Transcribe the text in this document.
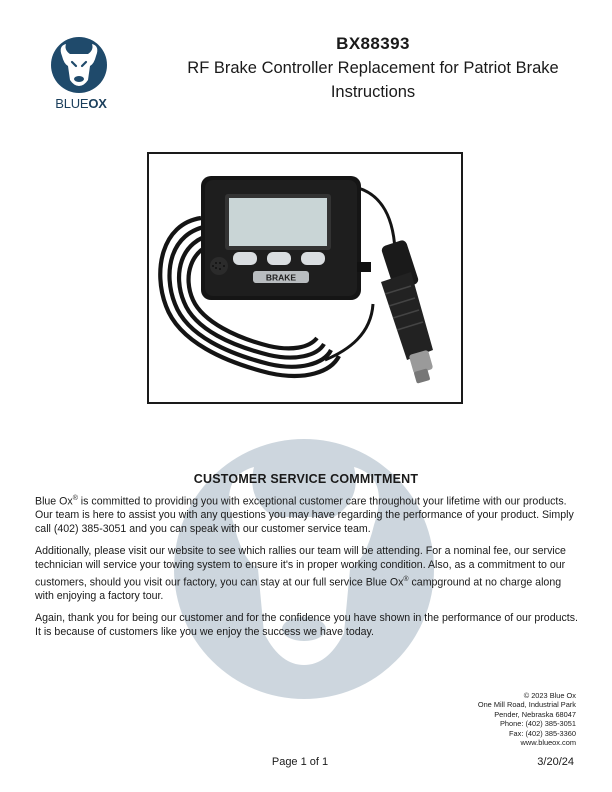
BLUEOX
BX88393
RF Brake Controller Replacement for Patriot Brake
Instructions
BRAKE
CUSTOMER SERVICE COMMITMENT

Blue Ox® is committed to providing you with exceptional customer care throughout your lifetime with our products. Our team is here to assist you with any questions you may have regarding the performance of your product. Simply call (402) 385-3051 and you can speak with our customer service team.

Additionally, please visit our website to see which rallies our team will be attending. For a nominal fee, our service technician will service your towing system to ensure it's in proper working condition. Also, as a commitment to our customers, should you visit our factory, you can stay at our full service Blue Ox® campground at no charge along with enjoying a factory tour.

Again, thank you for being our customer and for the confidence you have shown in the performance of our products. It is because of customers like you we enjoy the success we have today.

© 2023 Blue Ox
One Mill Road, Industrial Park
Pender, Nebraska 68047
Phone: (402) 385-3051
Fax: (402) 385-3360
www.blueox.com
Page 1 of 1	3/20/24
